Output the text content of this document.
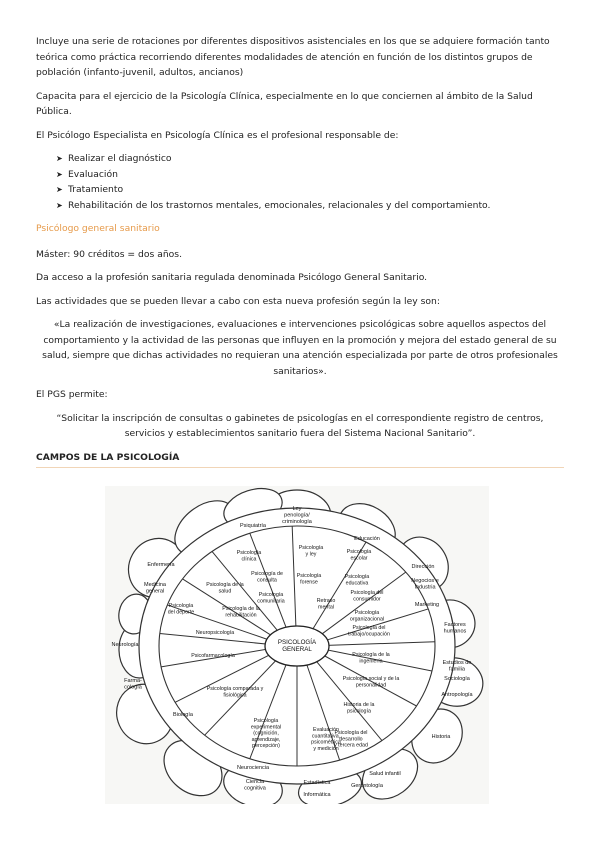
Incluye una serie de rotaciones por diferentes dispositivos asistenciales en los que se adquiere formación tanto teórica como práctica recorriendo diferentes modalidades de atención en función de los distintos grupos de población (infanto-juvenil, adultos, ancianos)

Capacita para el ejercicio de la Psicología Clínica, especialmente en lo que conciernen al ámbito de la Salud Pública.

El Psicólogo Especialista en Psicología Clínica es el profesional responsable de:

➤ Realizar el diagnóstico
➤ Evaluación
➤ Tratamiento
➤ Rehabilitación de los trastornos mentales, emocionales, relacionales y del comportamiento.

Psicólogo general sanitario

Máster: 90 créditos = dos años.

Da acceso a la profesión sanitaria regulada denominada Psicólogo General Sanitario.

Las actividades que se pueden llevar a cabo con esta nueva profesión según la ley son:

«La realización de investigaciones, evaluaciones e intervenciones psicológicas sobre aquellos aspectos del comportamiento y la actividad de las personas que influyen en la promoción y mejora del estado general de su salud, siempre que dichas actividades no requieran una atención especializada por parte de otros profesionales sanitarios».

El PGS permite:

“Solicitar la inscripción de consultas o gabinetes de psicologías en el correspondiente registro de centros, servicios y establecimientos sanitario fuera del Sistema Nacional Sanitario”.

CAMPOS DE LA PSICOLOGÍA
PSICOLOGÍA GENERAL
Psicología y ley	Psicología escolar
Psicología educativa
Psicología del consumidor
Psicología organizacional
Psicología del trabajo/ocupación
Psicología de la ingeniería
Psicología social y de la personalidad
Historia de la psicología
Psicología del desarrollo y tercera edad
Evaluación cuantitativa, psicométrica y medición
Psicología experimental (cognición, aprendizaje, percepción)
Psicología comparada y fisiológica
Psicofarmacología
Neuropsicología
Psicología del deporte
Psicología de la rehabilitación
Psicología de la salud
Psicología clínica
Psicología de consulta
Psicología comunitaria
Psicología forense
Retraso mental
Ley penología/ criminología
Educación
Dirección
Negocios e Industria
Marketing
Factores humanos
Estudios de familia
Sociología
Antropología
Historia
Salud infantil
Gerontología
Estadística
Informática
Neurociencia
Ciencia cognitiva
Biología
Farma-cología
Neurología
Medicina general
Enfermería
Psiquiatría
